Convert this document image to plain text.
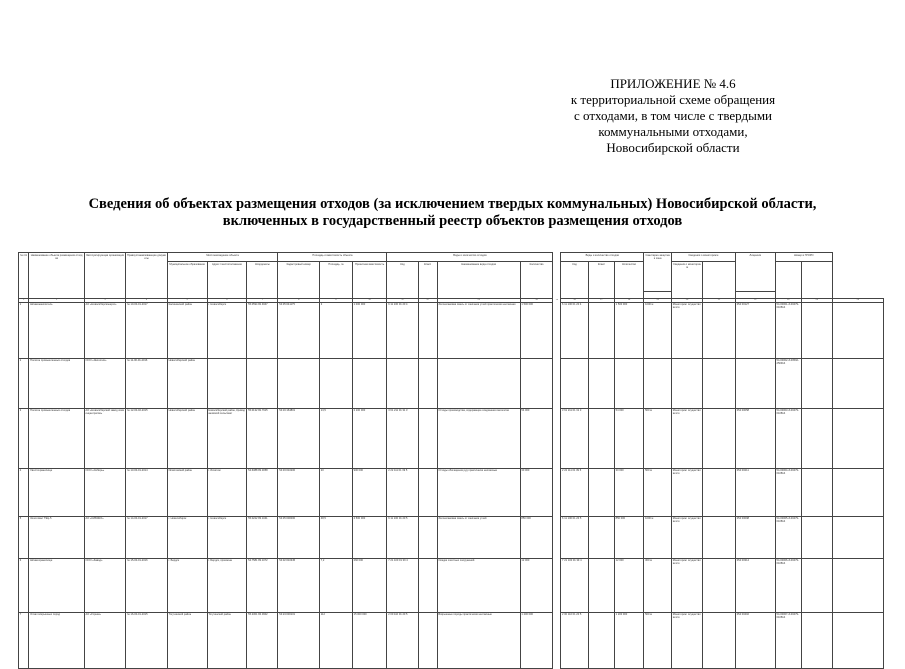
ПРИЛОЖЕНИЕ № 4.6
к территориальной схеме обращения
с отходами, в том числе с твердыми
коммунальными отходами,
Новосибирской области
Сведения об объектах размещения отходов (за исключением твердых коммунальных) Новосибирской области,
включенных в государственный реестр объектов размещения отходов
№ п/п	Наименование объекта размещения отходов	Эксплуатирующая организация	Правоустанавливающие документы	Местонахождение объекта			Площадь и вместимость объекта			Виды и количество отходов					Виды и количество отходов			Санитарно-защитная зона	Сведения о мониторинге		Лицензия	Номер в ГРОРО		
				Муниципальное образование	Адрес / местоположение	Координаты	Кадастровый номер	Площадь, га	Проектная вместимость	Код	Класс	Наименование вида отходов	Количество		Код	Класс	Количество		Сведения о мониторинге					

1	2	3	4	5	6	7	8	9	10	11	12	13	14	15	16	17	18	19	20	21	22	23	24	25
1	Шламонакопитель	АО «Новосибирскэнерго»	№ 10-00-01-2017	Калининский район	г. Новосибирск	55.0594 82.9347	54:35:041175	3	1 000 000	6 11 100 01 20 4		Золошлаковая смесь от сжигания углей практически неопасная	1 500 000		6 11 100 01 20 4		1 500 000	1000 м	Мониторинг осуществляется		054 00127	54-00001-З-00479-010814		
2	Полигон промышленных отходов	ООО «Экология»	№ 11-00-01-2016	Новосибирский район																		54-00002-З-00592-250914		
3	Полигон промышленных отходов	АО «Новосибирский завод химконцентратов»	№ 12-00-02-2015	Новосибирский район	Новосибирский район, Криводановский сельсовет	55.0132 82.7915	54:19:164801	13,5	2 100 000	3 61 211 01 31 3		Отходы производства, содержащие соединения металлов	54 000		3 61 211 01 31 3		54 000	500 м	Мониторинг осуществляется		054 00058	54-00003-З-00479-010814		
4	Хвостохранилище	ООО «Сибирь»	№ 13-00-01-2014	Искитимский район	г. Искитим	54.6388 83.3058	54:33:010200	20	900 000	2 22 111 01 39 5		Отходы обогащения руд практически неопасные	30 000		2 22 111 01 39 5		30 000	500 м	Мониторинг осуществляется		054 00211	54-00004-З-00479-010814		
5	Золоотвал ТЭЦ-5	АО «СИБЭКО»	№ 14-00-01-2017	г. Новосибирск	г. Новосибирск	55.0222 83.1041	54:35:000000	48,5	4 500 000	6 11 100 01 20 5		Золошлаковая смесь от сжигания углей	850 000		6 11 100 01 20 5		850 000	1000 м	Мониторинг осуществляется		054 00098	54-00005-З-00479-010814		
6	Шламохранилище	ООО «Завод»	№ 15-00-01-2016	г. Бердск	г. Бердск, промзона	54.7581 83.1072	54:32:010345	7,2	260 000	7 21 100 01 39 4		Осадки очистных сооружений	12 000		7 21 100 01 39 4		12 000	300 м	Мониторинг осуществляется		054 00314	54-00006-З-00479-010814		
7	Отвал вскрышных пород	АО «Горняк»	№ 16-00-01-2015	Тогучинский район	Тогучинский район	55.2301 84.3902	54:24:030101	112	15 000 000	2 00 110 01 20 5		Вскрышные породы практически неопасные	1 200 000		2 00 110 01 20 5		1 200 000	500 м	Мониторинг осуществляется		054 00402	54-00007-З-00479-010814		
